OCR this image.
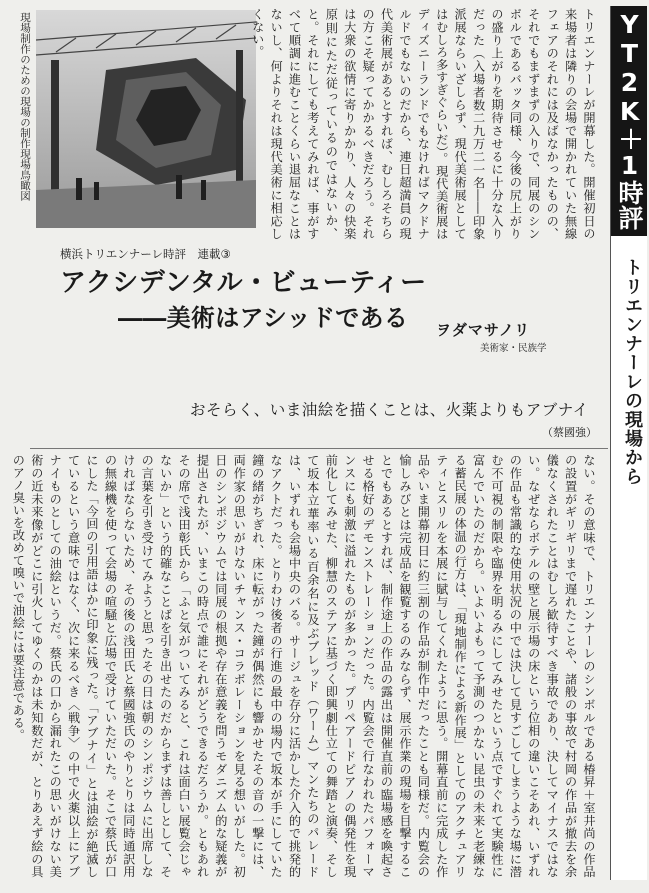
YT2K＋1時評
トリエンナーレの現場から
現場制作のための現場の制作現場鳥瞰図	トリエンナーレが開幕した。開催初日の来場者は隣りの会場で開かれていた無線フェアのそれには及ばなかったものの、それでもまずまずの入りで、同展のシンボルであるバッタ同様、今後の尻上がりの盛り上がりを期待させるに十分な入りだった（入場者数二九万二一名――印象派展ならいざしらず、現代美術展としてはむしろ多すぎぐらいだ）。現代美術展はディズニーランドでもなければマクドナルドでもないのだから、連日超満員の現代美術展があるとすれば、むしろそちらの方こそ疑ってかかるべきだろう。それは大衆の欲情に寄りかかり、人々の快楽原則にただ従っているのではないか、と。それにしても考えてみれば、事がすべて順調に進むことくらい退屈なことはないし、何よりそれは現代美術に相応しくない。
横浜トリエンナーレ時評　連載③
アクシデンタル・ビューティー
――美術はアシッドである	ヲダマサノリ
美術家・民族学
おそらく、いま油絵を描くことは、火薬よりもアブナイ
（蔡國強）
ない。その意味で、トリエンナーレのシンボルである椿昇＋室井尚の作品の設置がギリギリまで遅れたことや、諸般の事故で村岡の作品が撤去を余儀なくされたことはむしろ歓待すべき事故であり、決してマイナスではない。なぜならボテルの壁と展示場の床という位相の違いこそあれ、いずれの作品も常識的な使用状況の中では決して見すごしてしまうような場に潜む不可視の制限や臨界を明るみにしてみせたという点ですぐれて実験性に富んでいたのだから。いよいよもって予測のつかない昆虫の未来と老練なる蓄民展の体温の行方は、「現地制作による新作展」としてのアクチュアリティとスリルを本展に賦与してくれたように思う。開幕直前に完成した作品やいま開幕初日に約三割の作品が制作中だったことも同様だ。内覧会の愉しみびとは完成品を観覧するのみならず、展示作業の現場を目撃することでもあるとすれば、制作途上の作品の露出は開催直前の臨場感を喚起させる格好のデモンストレーションだった。内覧会で行なわれたパフォーマンスにも刺激に溢れたものが多かった。プリペアードピアノの偶発性を現前化してみせた、柳慧のステアに基づく即興劇仕立ての舞踏と演奏、そして坂本立華率いる百余名に及ぶブレッド（ワーム）マンたちのパレードは、いずれも会場中央のバる。サージュを存分に活かした介入的で挑発的なアクトだった。とりわけ後者の行進の最中の場内で坂本が手にしていた鐘の緒がちぎれ、床に転がった鐘が偶然にも響かせたその音の一撃には、両作家の思いがけないチャンス・コラボレーションを見る想いがした。初日のシンポジウムでは同展の根拠や存在意義を問うモダニズム的な疑義が提出されたが、いまこの時点で誰にそれがどうできるだろうか。ともあれその席で浅田彰氏から「ふと気がついてみると、これは面白い展覧会じゃないか」という的確なことばを引き出せたのだからまずは善しとして、その言葉を引き受けてみようと思ったその日は朝のシンポジウムに出席しなければならないため、その後の浅田氏と蔡國強氏のやりとりは同時通訳用の無線機を使って会場の喧騒と広場で受けていただいた。そこで蔡氏が口にした「今回の引用語はかに印象に残った。「アブナイ」とは油絵が絶滅しているという意味ではなく、次に来るべき〈戦争〉の中で火薬以上にアブナイものとしての油絵というだ。蔡氏の口から漏れたこの思いがけない美術の近未来像がどこに引火してゆくのかは未知数だが、とりあえず絵の具のアノ臭いを改めて嗅いで油絵には要注意である。
